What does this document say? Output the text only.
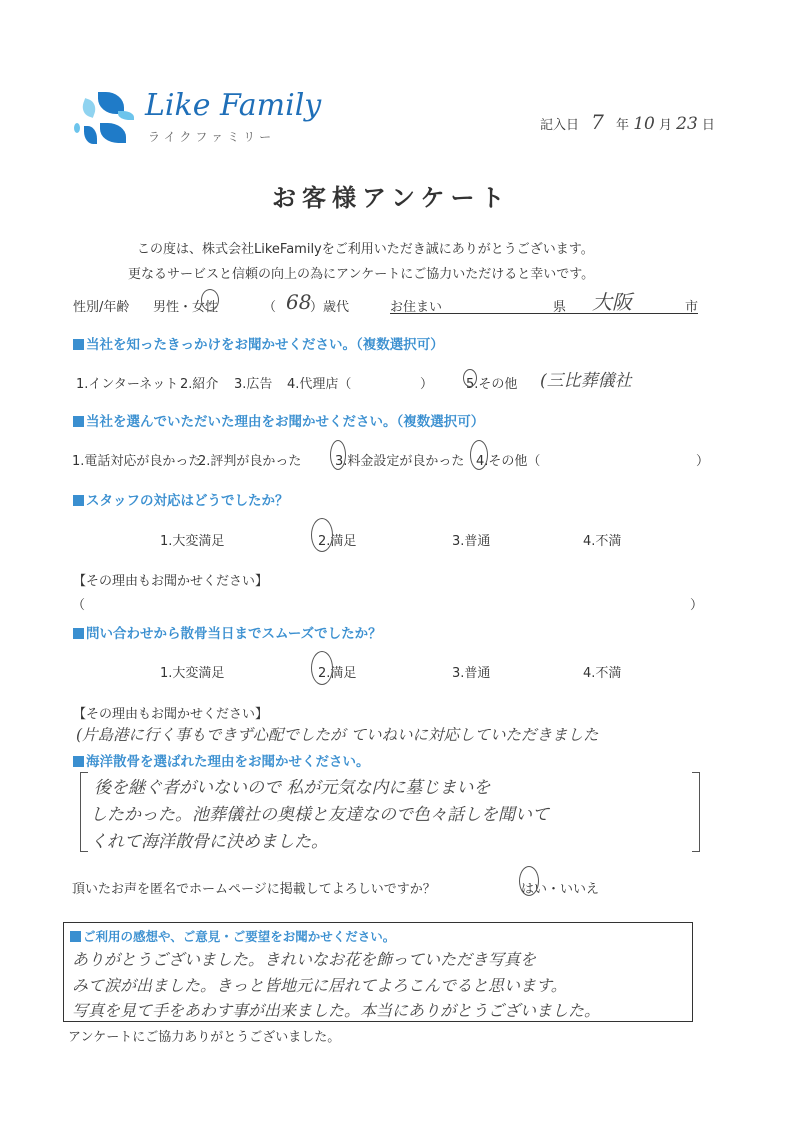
Like Family
ライクファミリー
記入日 7 年 10 月 23 日
お客様アンケート
この度は、株式会社LikeFamilyをご利用いただき誠にありがとうございます。
更なるサービスと信頼の向上の為にアンケートにご協力いただけると幸いです。
性別/年齢 男性・女性	（ 68
）歳代	お住まい	県 大阪	市
当社を知ったきっかけをお聞かせください。（複数選択可）
1.インターネット 2.紹介 3.広告 4.代理店（	）	5.その他 (三比葬儀社
当社を選んでいただいた理由をお聞かせください。（複数選択可）
1.電話対応が良かった
2.評判が良かった	3.料金設定が良かった 4.その他（	）
スタッフの対応はどうでしたか？
1.大変満足	2.満足	3.普通	4.不満
【その理由もお聞かせください】
（	）
問い合わせから散骨当日までスムーズでしたか？
1.大変満足	2.満足	3.普通	4.不満
【その理由もお聞かせください】
(片島港に行く事もできず心配でしたが ていねいに対応していただきました
海洋散骨を選ばれた理由をお聞かせください。
後を継ぐ者がいないので 私が元気な内に墓じまいを
したかった。池葬儀社の奥様と友達なので色々話しを聞いて
くれて海洋散骨に決めました。
頂いたお声を匿名でホームページに掲載してよろしいですか？	はい・いいえ
ご利用の感想や、ご意見・ご要望をお聞かせください。
ありがとうございました。きれいなお花を飾っていただき写真を
みて涙が出ました。きっと皆地元に居れてよろこんでると思います。
写真を見て手をあわす事が出来ました。本当にありがとうございました。
アンケートにご協力ありがとうございました。
